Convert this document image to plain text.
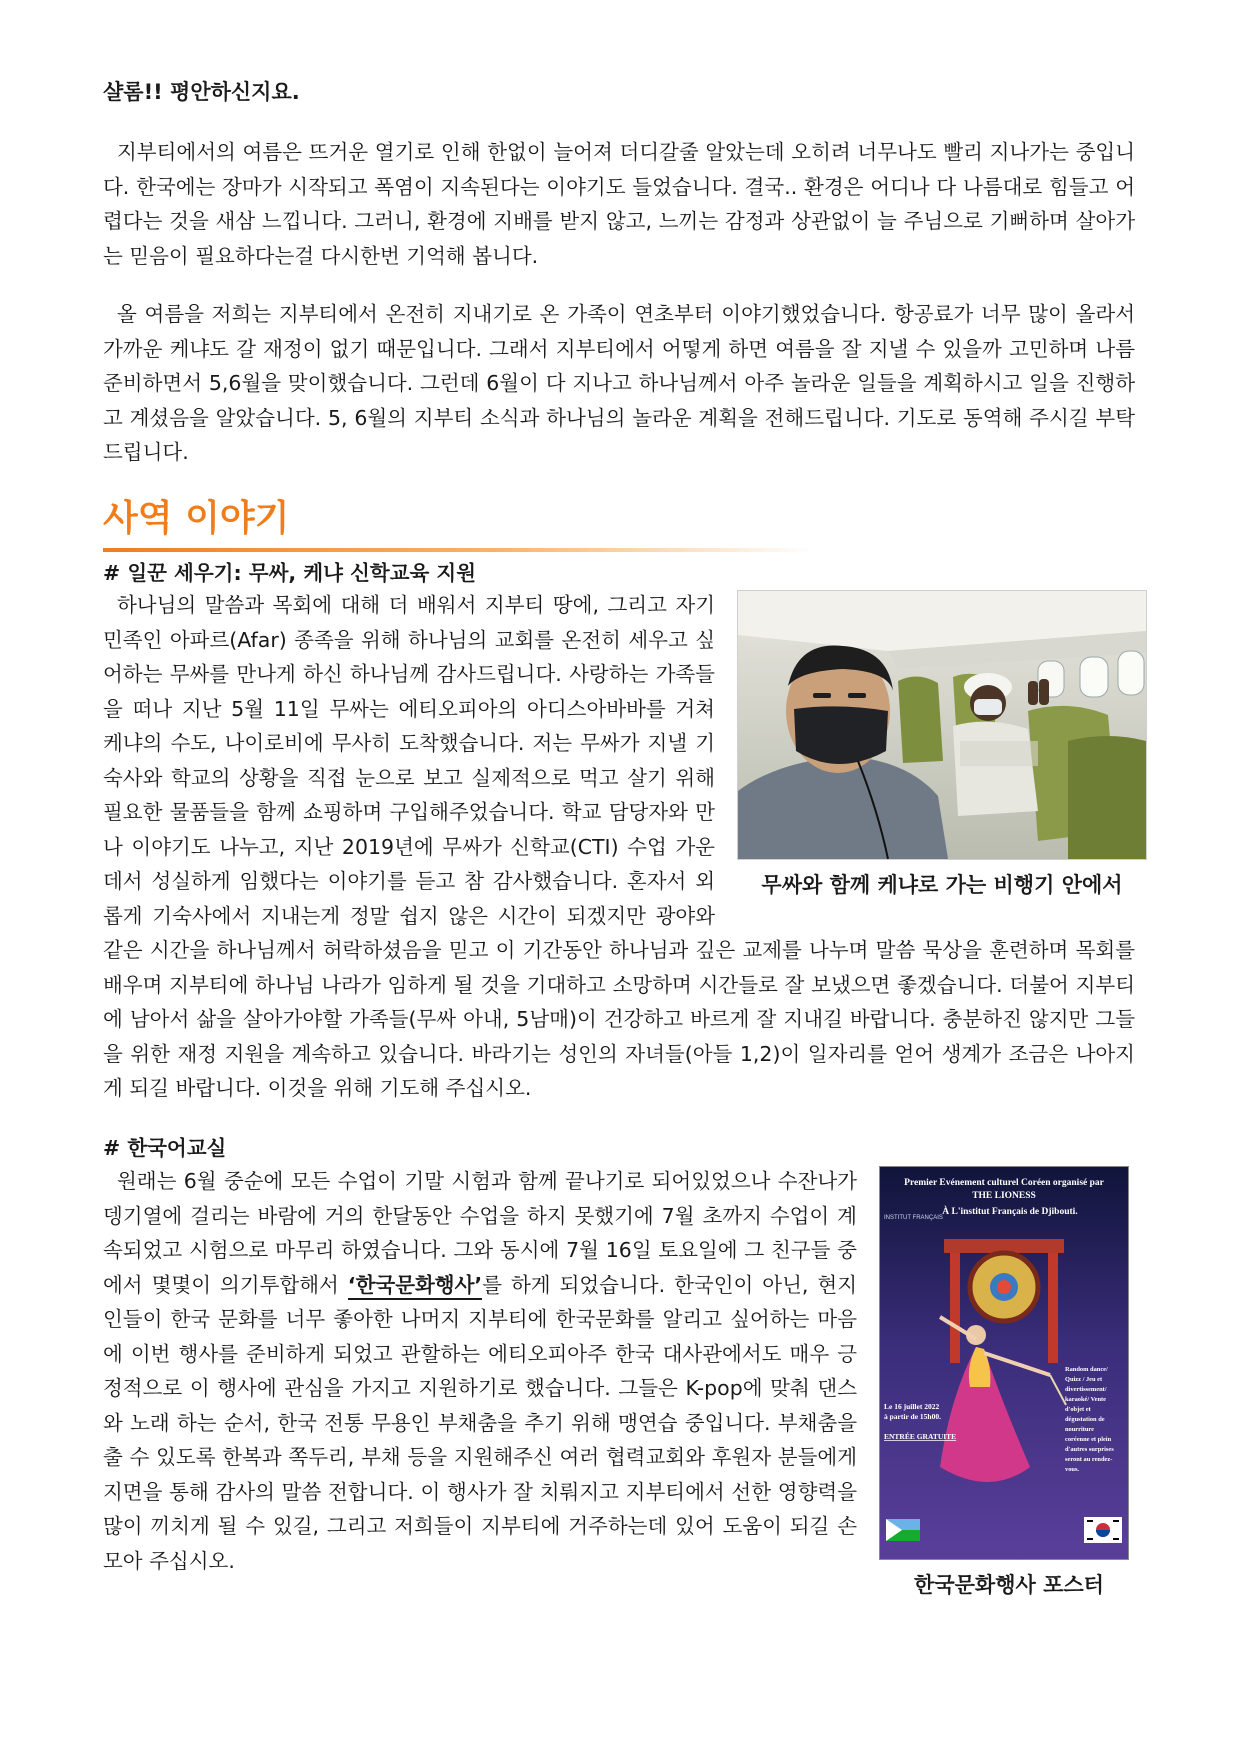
샬롬!! 평안하신지요.

지부티에서의 여름은 뜨거운 열기로 인해 한없이 늘어져 더디갈줄 알았는데 오히려 너무나도 빨리 지나가는 중입니다. 한국에는 장마가 시작되고 폭염이 지속된다는 이야기도 들었습니다. 결국.. 환경은 어디나 다 나름대로 힘들고 어렵다는 것을 새삼 느낍니다. 그러니, 환경에 지배를 받지 않고, 느끼는 감정과 상관없이 늘 주님으로 기뻐하며 살아가는 믿음이 필요하다는걸 다시한번 기억해 봅니다.

올 여름을 저희는 지부티에서 온전히 지내기로 온 가족이 연초부터 이야기했었습니다. 항공료가 너무 많이 올라서 가까운 케냐도 갈 재정이 없기 때문입니다. 그래서 지부티에서 어떻게 하면 여름을 잘 지낼 수 있을까 고민하며 나름 준비하면서 5,6월을 맞이했습니다. 그런데 6월이 다 지나고 하나님께서 아주 놀라운 일들을 계획하시고 일을 진행하고 계셨음을 알았습니다. 5, 6월의 지부티 소식과 하나님의 놀라운 계획을 전해드립니다. 기도로 동역해 주시길 부탁드립니다.

사역 이야기
# 일꾼 세우기: 무싸, 케냐 신학교육 지원
무싸와 함께 케냐로 가는 비행기 안에서

하나님의 말씀과 목회에 대해 더 배워서 지부티 땅에, 그리고 자기 민족인 아파르(Afar) 종족을 위해 하나님의 교회를 온전히 세우고 싶어하는 무싸를 만나게 하신 하나님께 감사드립니다. 사랑하는 가족들을 떠나 지난 5월 11일 무싸는 에티오피아의 아디스아바바를 거쳐 케냐의 수도, 나이로비에 무사히 도착했습니다. 저는 무싸가 지낼 기숙사와 학교의 상황을 직접 눈으로 보고 실제적으로 먹고 살기 위해 필요한 물품들을 함께 쇼핑하며 구입해주었습니다. 학교 담당자와 만나 이야기도 나누고, 지난 2019년에 무싸가 신학교(CTI) 수업 가운데서 성실하게 임했다는 이야기를 듣고 참 감사했습니다. 혼자서 외롭게 기숙사에서 지내는게 정말 쉽지 않은 시간이 되겠지만 광야와 같은 시간을 하나님께서 허락하셨음을 믿고 이 기간동안 하나님과 깊은 교제를 나누며 말씀 묵상을 훈련하며 목회를 배우며 지부티에 하나님 나라가 임하게 될 것을 기대하고 소망하며 시간들로 잘 보냈으면 좋겠습니다. 더불어 지부티에 남아서 삶을 살아가야할 가족들(무싸 아내, 5남매)이 건강하고 바르게 잘 지내길 바랍니다. 충분하진 않지만 그들을 위한 재정 지원을 계속하고 있습니다. 바라기는 성인의 자녀들(아들 1,2)이 일자리를 얻어 생계가 조금은 나아지게 되길 바랍니다. 이것을 위해 기도해 주십시오.

# 한국어교실
Premier Evénement culturel Coréen organisé par
THE LIONESS
À L'institut Français de Djibouti.
INSTITUT FRANÇAIS
Random dance/
Quizz / Jeu et
divertissement/
karaoké/ Vente
d'objet et
dégustation de
nourriture
coréenne et plein
d'autres surprises
seront au rendez-
vous.
Le 16 juillet 2022
à partir de 15h00.
ENTRÉE GRATUITE
한국문화행사 포스터

원래는 6월 중순에 모든 수업이 기말 시험과 함께 끝나기로 되어있었으나 수잔나가 뎅기열에 걸리는 바람에 거의 한달동안 수업을 하지 못했기에 7월 초까지 수업이 계속되었고 시험으로 마무리 하였습니다. 그와 동시에 7월 16일 토요일에 그 친구들 중에서 몇몇이 의기투합해서 ‘한국문화행사’를 하게 되었습니다. 한국인이 아닌, 현지인들이 한국 문화를 너무 좋아한 나머지 지부티에 한국문화를 알리고 싶어하는 마음에 이번 행사를 준비하게 되었고 관할하는 에티오피아주 한국 대사관에서도 매우 긍정적으로 이 행사에 관심을 가지고 지원하기로 했습니다. 그들은 K-pop에 맞춰 댄스와 노래 하는 순서, 한국 전통 무용인 부채춤을 추기 위해 맹연습 중입니다. 부채춤을 출 수 있도록 한복과 쪽두리, 부채 등을 지원해주신 여러 협력교회와 후원자 분들에게 지면을 통해 감사의 말씀 전합니다. 이 행사가 잘 치뤄지고 지부티에서 선한 영향력을 많이 끼치게 될 수 있길, 그리고 저희들이 지부티에 거주하는데 있어 도움이 되길 손모아 주십시오.
